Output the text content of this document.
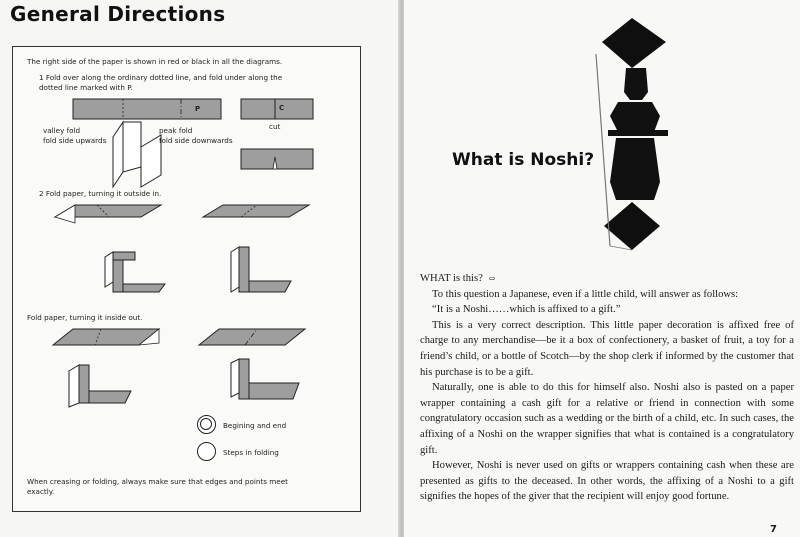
General Directions
The right side of the paper is shown in red or black in all the diagrams.
1 Fold over along the ordinary dotted line, and fold under along the
dotted line marked with P.
P	C
cut
valley fold
fold side upwards
peak fold
fold side downwards
2 Fold paper, turning it outside in.
Fold paper, turning it inside out.
Begining and end
Steps in folding
When creasing or folding, always make sure that edges and points meet
exactly.
What is Noshi?

WHAT is this? ⇨

To this question a Japanese, even if a little child, will answer as follows:

“It is a Noshi……which is affixed to a gift.”

This is a very correct description. This little paper decoration is affixed free of charge to any merchandise—be it a box of confectionery, a basket of fruit, a toy for a friend’s child, or a bottle of Scotch—by the shop clerk if informed by the customer that his purchase is to be a gift.

Naturally, one is able to do this for himself also. Noshi also is pasted on a paper wrapper containing a cash gift for a relative or friend in connection with some congratulatory occasion such as a wedding or the birth of a child, etc. In such cases, the affixing of a Noshi on the wrapper signifies that what is contained is a congratulatory gift.

However, Noshi is never used on gifts or wrappers containing cash when these are presented as gifts to the deceased. In other words, the affixing of a Noshi to a gift signifies the hopes of the giver that the recipient will enjoy good fortune.

7
